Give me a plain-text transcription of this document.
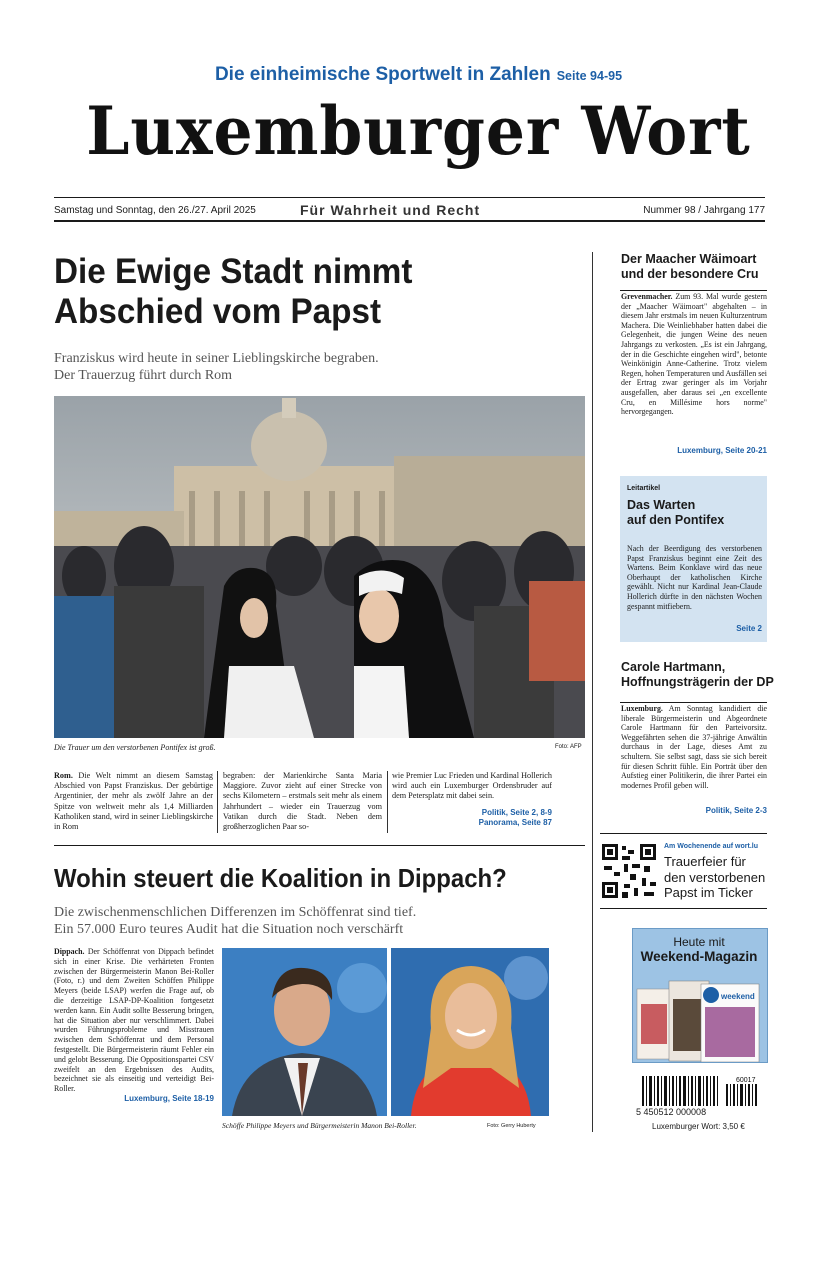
Die einheimische Sportwelt in Zahlen Seite 94-95
Luxemburger Wort
Samstag und Sonntag, den 26./27. April 2025	Für Wahrheit und Recht	Nummer 98 / Jahrgang 177
Die Ewige Stadt nimmt
Abschied vom Papst
Franziskus wird heute in seiner Lieblingskirche begraben.
Der Trauerzug führt durch Rom
Die Trauer um den verstorbenen Pontifex ist groß.	Foto: AFP
Rom. Die Welt nimmt an diesem Samstag Abschied von Papst Franziskus. Der gebürtige Argentinier, der mehr als zwölf Jahre an der Spitze von weltweit mehr als 1,4 Milliarden Katholiken stand, wird in seiner Lieblingskirche in Rom
begraben: der Marienkirche Santa Maria Maggiore. Zuvor zieht auf einer Strecke von sechs Kilometern – erstmals seit mehr als einem Jahrhundert – wieder ein Trauerzug vom Vatikan durch die Stadt. Neben dem großherzoglichen Paar so-
wie Premier Luc Frieden und Kardinal Hollerich wird auch ein Luxemburger Ordensbruder auf dem Petersplatz mit dabei sein.
Politik, Seite 2, 8-9
Panorama, Seite 87
Wohin steuert die Koalition in Dippach?
Die zwischenmenschlichen Differenzen im Schöffenrat sind tief.
Ein 57.000 Euro teures Audit hat die Situation noch verschärft
Dippach. Der Schöffenrat von Dippach befindet sich in einer Krise. Die verhärteten Fronten zwischen der Bürgermeisterin Manon Bei-Roller (Foto, r.) und dem Zweiten Schöffen Philippe Meyers (beide LSAP) werfen die Frage auf, ob die derzeitige LSAP-DP-Koalition fortgesetzt werden kann. Ein Audit sollte Besserung bringen, hat die Situation aber nur verschlimmert. Dabei wurden Führungsprobleme und Misstrauen zwischen dem Schöffenrat und dem Personal festgestellt. Die Bürgermeisterin räumt Fehler ein und gelobt Besserung. Die Oppositionspartei CSV zweifelt an den Ergebnissen des Audits, bezeichnet sie als einseitig und verteidigt Bei-Roller.
Luxemburg, Seite 18-19
Schöffe Philippe Meyers und Bürgermeisterin Manon Bei-Roller.	Foto: Gerry Huberty
Der Maacher Wäimoart
und der besondere Cru
Grevenmacher. Zum 93. Mal wurde gestern der „Maacher Wäimoart" abgehalten – in diesem Jahr erstmals im neuen Kulturzentrum Machera. Die Weinliebhaber hatten dabei die Gelegenheit, die jungen Weine des neuen Jahrgangs zu verkosten. „Es ist ein Jahrgang, der in die Geschichte eingehen wird", betonte Weinkönigin Anne-Catherine. Trotz vielem Regen, hohen Temperaturen und Ausfällen sei der Ertrag zwar geringer als im Vorjahr ausgefallen, aber daraus sei „en excellente Cru, en Millésime hors norme" hervorgegangen.
Luxemburg, Seite 20-21
Leitartikel
Das Warten
auf den Pontifex
Nach der Beerdigung des verstorbenen Papst Franziskus beginnt eine Zeit des Wartens. Beim Konklave wird das neue Oberhaupt der katholischen Kirche gewählt. Nicht nur Kardinal Jean-Claude Hollerich dürfte in den nächsten Wochen gespannt mitfiebern.
Seite 2
Carole Hartmann,
Hoffnungsträgerin der DP
Luxemburg. Am Sonntag kandidiert die liberale Bürgermeisterin und Abgeordnete Carole Hartmann für den Parteivorsitz. Weggefährten sehen die 37-jährige Anwältin durchaus in der Lage, dieses Amt zu schultern. Sie selbst sagt, dass sie sich bereit für diesen Schritt fühle. Ein Porträt über den Aufstieg einer Politikerin, die ihrer Partei ein modernes Profil geben will.
Politik, Seite 2-3
Am Wochenende auf wort.lu
Trauerfeier für
den verstorbenen
Papst im Ticker
weekend
Heute mit
Weekend-Magazin
60017
5 450512 000008
Luxemburger Wort: 3,50 €
